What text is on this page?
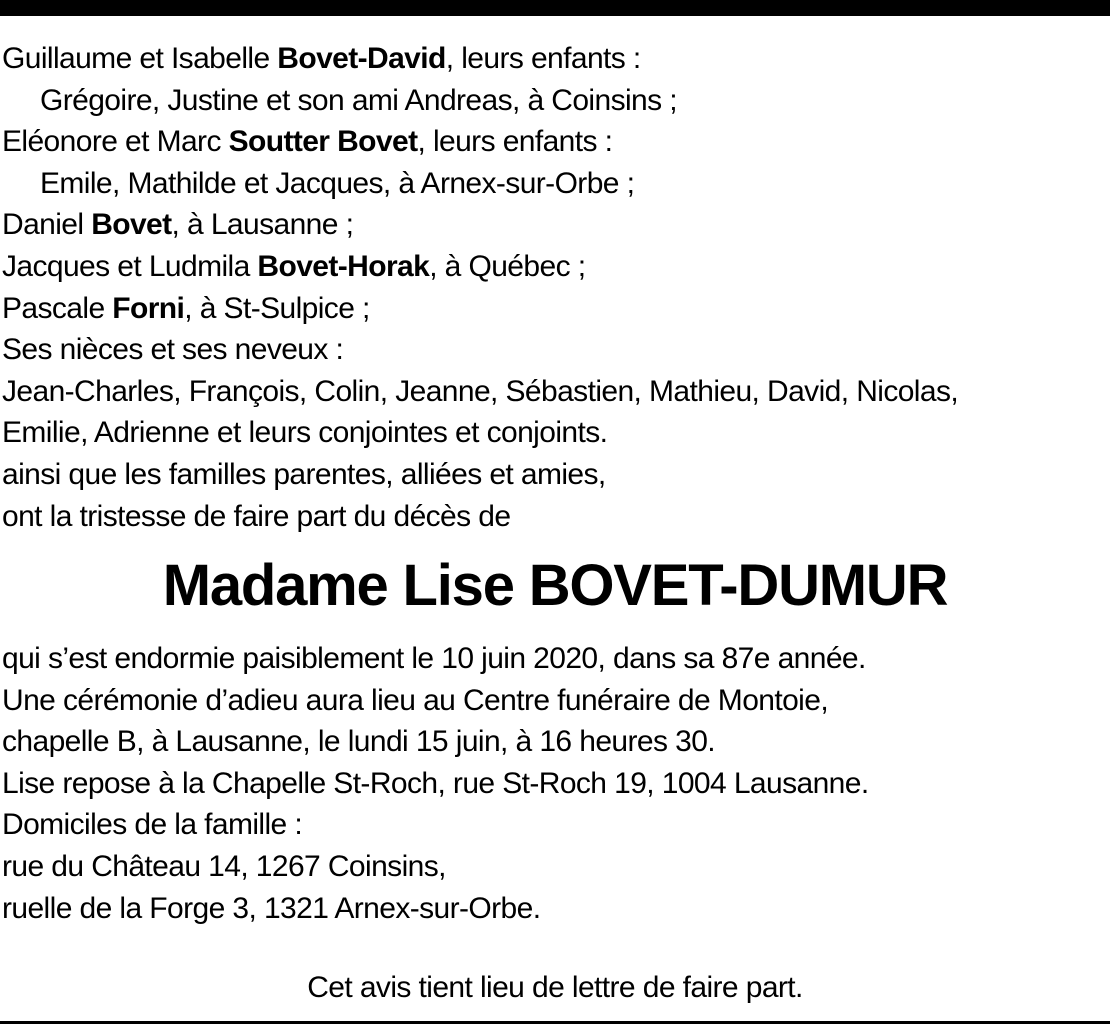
Guillaume et Isabelle Bovet-David, leurs enfants :
Grégoire, Justine et son ami Andreas, à Coinsins ;
Eléonore et Marc Soutter Bovet, leurs enfants :
Emile, Mathilde et Jacques, à Arnex-sur-Orbe ;
Daniel Bovet, à Lausanne ;
Jacques et Ludmila Bovet-Horak, à Québec ;
Pascale Forni, à St-Sulpice ;
Ses nièces et ses neveux :
Jean-Charles, François, Colin, Jeanne, Sébastien, Mathieu, David, Nicolas,
Emilie, Adrienne et leurs conjointes et conjoints.
ainsi que les familles parentes, alliées et amies,
ont la tristesse de faire part du décès de
Madame Lise BOVET-DUMUR
qui s’est endormie paisiblement le 10 juin 2020, dans sa 87e année.
Une cérémonie d’adieu aura lieu au Centre funéraire de Montoie,
chapelle B, à Lausanne, le lundi 15 juin, à 16 heures 30.
Lise repose à la Chapelle St-Roch, rue St-Roch 19, 1004 Lausanne.
Domiciles de la famille :
rue du Château 14, 1267 Coinsins,
ruelle de la Forge 3, 1321 Arnex-sur-Orbe.
Cet avis tient lieu de lettre de faire part.
